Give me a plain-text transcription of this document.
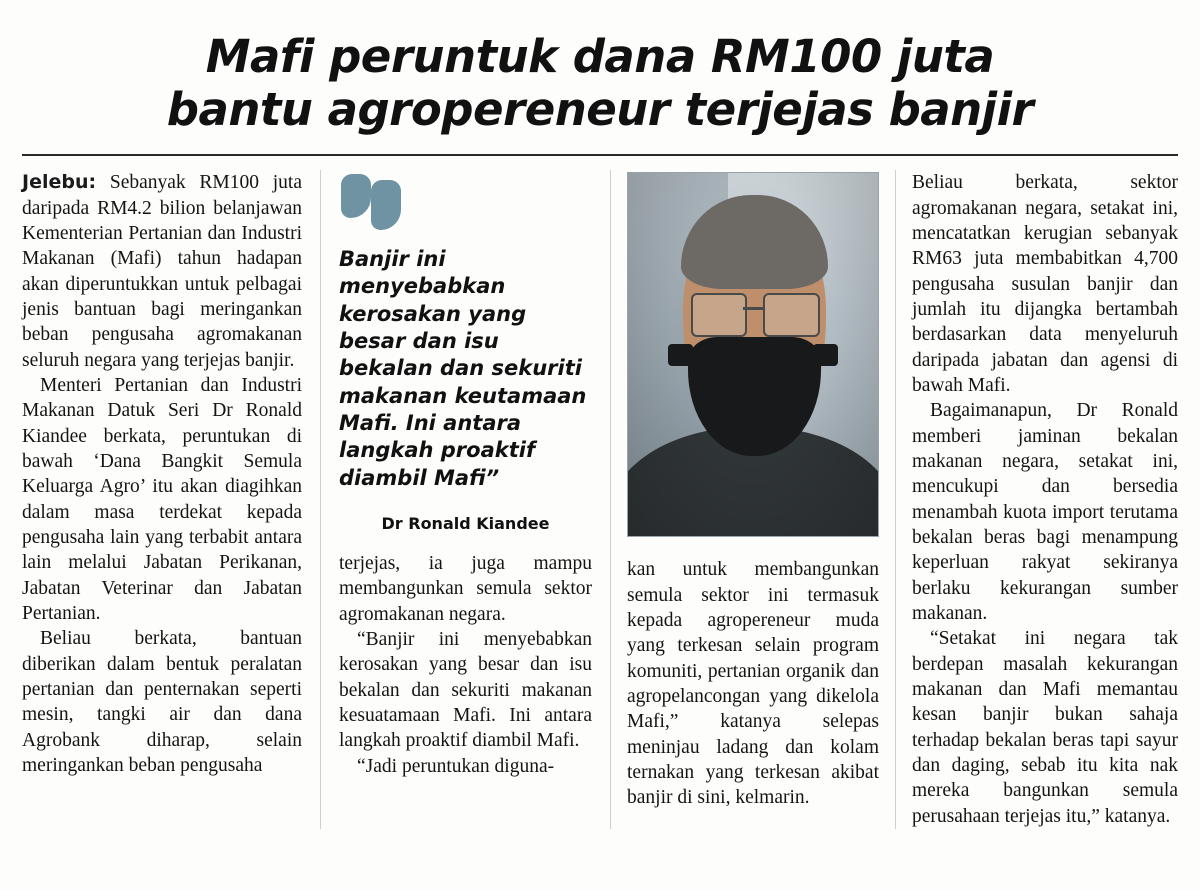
Mafi peruntuk dana RM100 juta
bantu agropereneur terjejas banjir

Jelebu: Sebanyak RM100 juta daripada RM4.2 bilion belanjawan Kementerian Pertanian dan Industri Makanan (Mafi) tahun hadapan akan diperuntukkan untuk pelbagai jenis bantuan bagi meringankan beban pengusaha agromakanan seluruh negara yang terjejas banjir.

Menteri Pertanian dan Industri Makanan Datuk Seri Dr Ronald Kiandee berkata, peruntukan di bawah ‘Dana Bangkit Semula Keluarga Agro’ itu akan diagihkan dalam masa terdekat kepada pengusaha lain yang terbabit antara lain melalui Jabatan Perikanan, Jabatan Veterinar dan Jabatan Pertanian.

Beliau berkata, bantuan diberikan dalam bentuk peralatan pertanian dan penternakan seperti mesin, tangki air dan dana Agrobank diharap, selain meringankan beban pengusaha

Banjir ini menyebabkan kerosakan yang besar dan isu bekalan dan sekuriti makanan keutamaan Mafi. Ini antara langkah proaktif diambil Mafi”
Dr Ronald Kiandee

terjejas, ia juga mampu membangunkan semula sektor agromakanan negara.

“Banjir ini menyebabkan kerosakan yang besar dan isu bekalan dan sekuriti makanan kesuatamaan Mafi. Ini antara langkah proaktif diambil Mafi.

“Jadi peruntukan diguna-

kan untuk membangunkan semula sektor ini termasuk kepada agropereneur muda yang terkesan selain program komuniti, pertanian organik dan agropelancongan yang dikelola Mafi,” katanya selepas meninjau ladang dan kolam ternakan yang terkesan akibat banjir di sini, kelmarin.

Beliau berkata, sektor agromakanan negara, setakat ini, mencatatkan kerugian sebanyak RM63 juta membabitkan 4,700 pengusaha susulan banjir dan jumlah itu dijangka bertambah berdasarkan data menyeluruh daripada jabatan dan agensi di bawah Mafi.

Bagaimanapun, Dr Ronald memberi jaminan bekalan makanan negara, setakat ini, mencukupi dan bersedia menambah kuota import terutama bekalan beras bagi menampung keperluan rakyat sekiranya berlaku kekurangan sumber makanan.

“Setakat ini negara tak berdepan masalah kekurangan makanan dan Mafi memantau kesan banjir bukan sahaja terhadap bekalan beras tapi sayur dan daging, sebab itu kita nak mereka bangunkan semula perusahaan terjejas itu,” katanya.
